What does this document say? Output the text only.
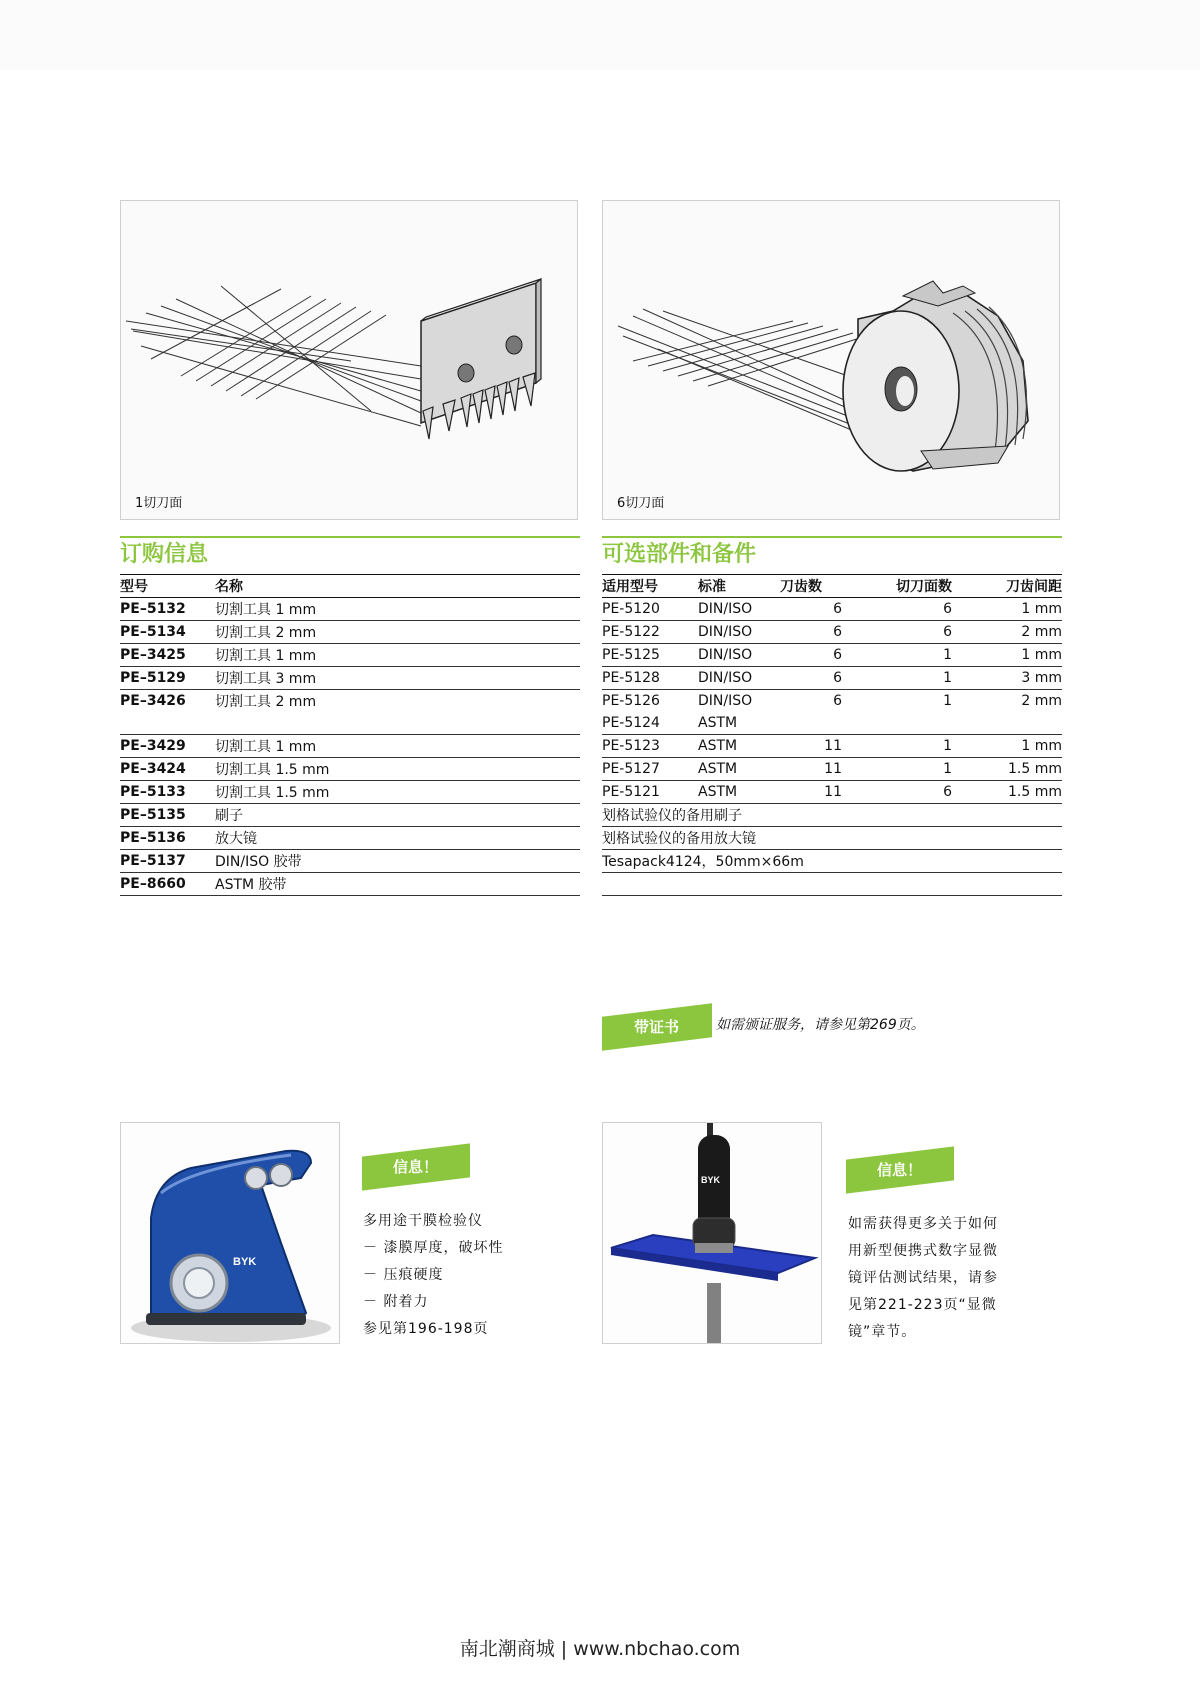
1切刀面	6切刀面
订购信息	可选部件和备件
型号	名称
PE–5132	切割工具 1 mm
PE–5134	切割工具 2 mm
PE–3425	切割工具 1 mm
PE–5129	切割工具 3 mm
PE–3426	切割工具 2 mm

PE–3429	切割工具 1 mm
PE–3424	切割工具 1.5 mm
PE–5133	切割工具 1.5 mm
PE–5135	刷子
PE–5136	放大镜
PE–5137	DIN/ISO 胶带
PE–8660	ASTM 胶带
适用型号	标准	刀齿数	切刀面数	刀齿间距
PE-5120	DIN/ISO	6	6	1 mm
PE-5122	DIN/ISO	6	6	2 mm
PE-5125	DIN/ISO	6	1	1 mm
PE-5128	DIN/ISO	6	1	3 mm
PE-5126	DIN/ISO	6	1	2 mm
PE-5124	ASTM			
PE-5123	ASTM	11	1	1 mm
PE-5127	ASTM	11	1	1.5 mm
PE-5121	ASTM	11	6	1.5 mm
划格试验仪的备用刷子				
划格试验仪的备用放大镜				
Tesapack4124，50mm×66m				

带证书	如需颁证服务，请参见第269页。
BYK
信息！
多用途干膜检验仪
－ 漆膜厚度，破坏性
－ 压痕硬度
－ 附着力
参见第196-198页
BYK
信息！
如需获得更多关于如何
用新型便携式数字显微
镜评估测试结果，请参
见第221-223页“显微
镜”章节。
南北潮商城 | www.nbchao.com
